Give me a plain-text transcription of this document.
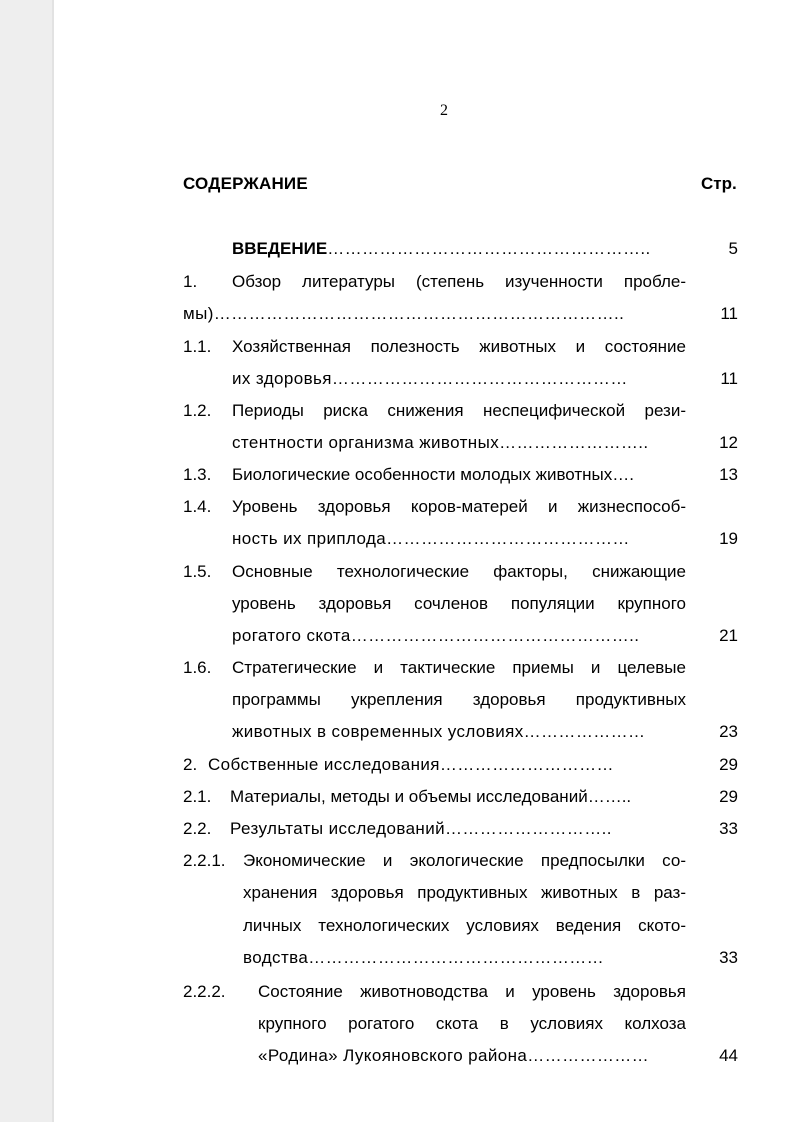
2
СОДЕРЖАНИЕ	Стр.
ВВЕДЕНИЕ………………………………………………..	5
1. Обзор литературы (степень изученности пробле-
мы)……………………………………………………………..	11
1.1. Хозяйственная полезность животных и состояние
их здоровья……………………………………………	11
1.2. Периоды риска снижения неспецифической рези-
стентности организма животных……………………..	12
1.3. Биологические особенности молодых животных….	13
1.4. Уровень здоровья коров-матерей и жизнеспособ-
ность их приплода……………………………………	19
1.5. Основные технологические факторы, снижающие
уровень здоровья сочленов популяции крупного
рогатого скота…………………………………………..	21
1.6. Стратегические и тактические приемы и целевые
программы укрепления здоровья продуктивных
животных в современных условиях…………………	23
2. Собственные исследования…………………………	29
2.1. Материалы, методы и объемы исследований……..	29
2.2. Результаты исследований………………………..	33
2.2.1. Экономические и экологические предпосылки со-
хранения здоровья продуктивных животных в раз-
личных технологических условиях ведения ското-
водства……………………………………………	33
2.2.2. Состояние животноводства и уровень здоровья
крупного рогатого скота в условиях колхоза
«Родина» Лукояновского района…………………	44
